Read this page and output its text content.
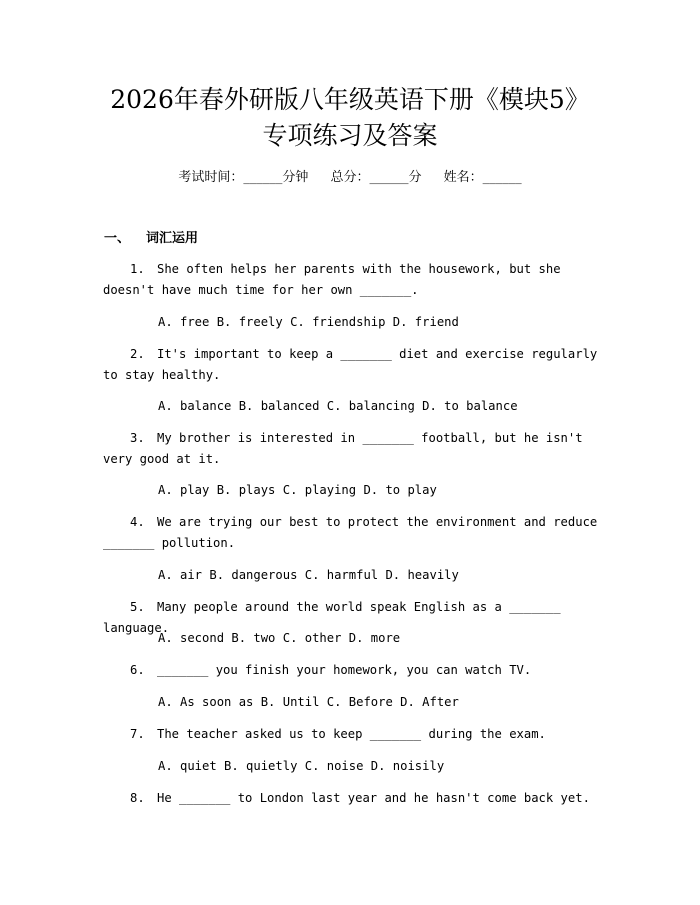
2026年春外研版八年级英语下册《模块5》
专项练习及答案
考试时间：______分钟 总分：______分 姓名：______
一、 词汇运用

1. She often helps her parents with the housework, but she doesn't have much time for her own _______.

A. free B. freely C. friendship D. friend

2. It's important to keep a _______ diet and exercise regularly to stay healthy.

A. balance B. balanced C. balancing D. to balance

3. My brother is interested in _______ football, but he isn't very good at it.

A. play B. plays C. playing D. to play

4. We are trying our best to protect the environment and reduce _______ pollution.

A. air B. dangerous C. harmful D. heavily

5. Many people around the world speak English as a _______ language.

A. second B. two C. other D. more

6. _______ you finish your homework, you can watch TV.

A. As soon as B. Until C. Before D. After

7. The teacher asked us to keep _______ during the exam.

A. quiet B. quietly C. noise D. noisily

8. He _______ to London last year and he hasn't come back yet.
